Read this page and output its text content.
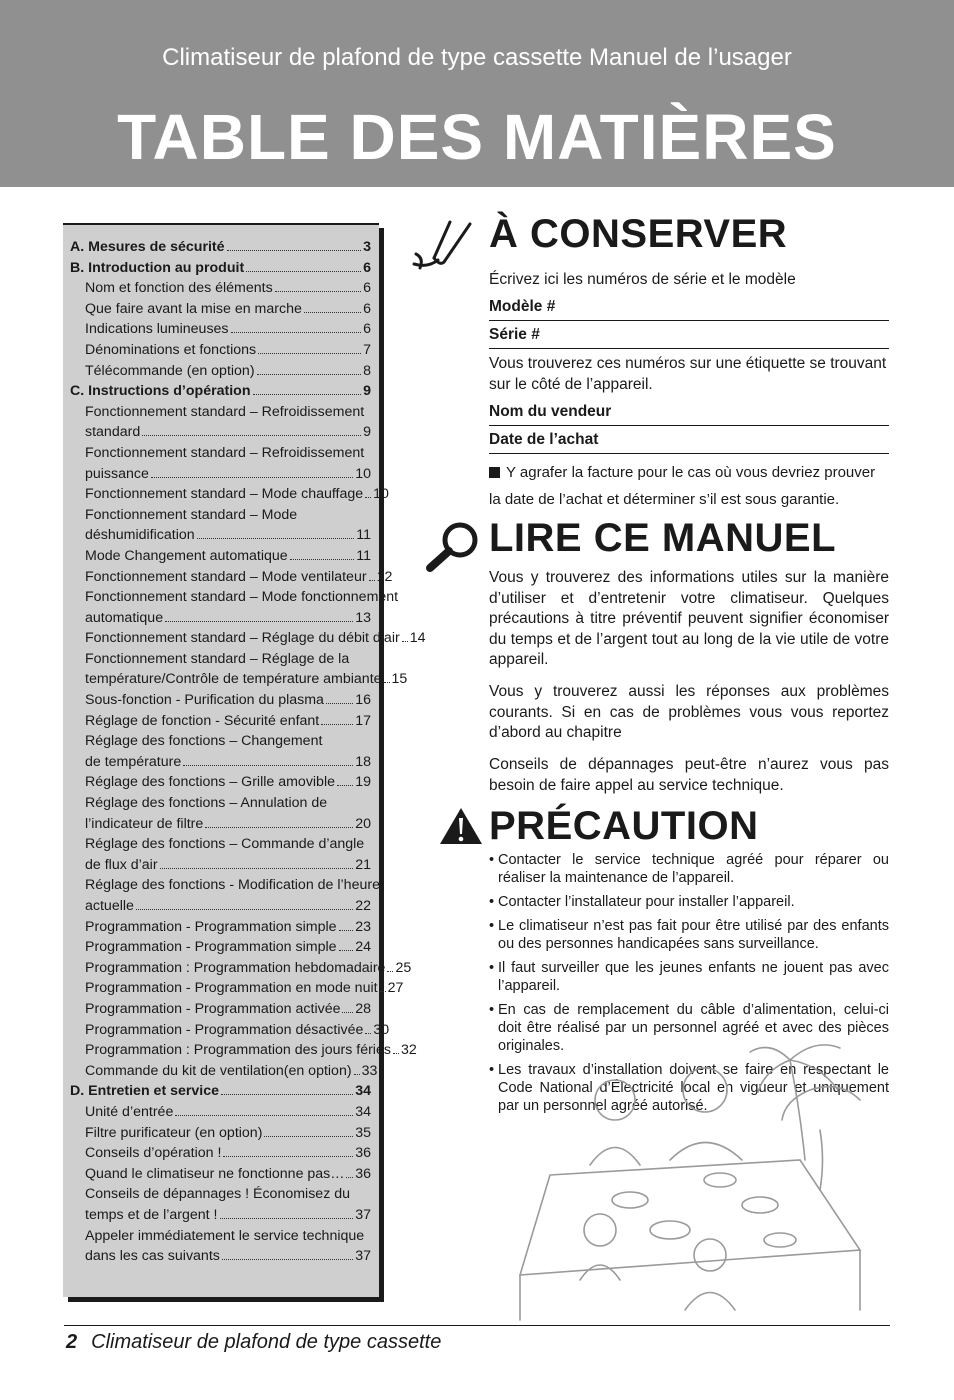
Climatiseur de plafond de type cassette Manuel de l’usager
TABLE DES MATIÈRES
A. Mesures de sécurité	3
B. Introduction au produit	6
Nom et fonction des éléments	6
Que faire avant la mise en marche	6
Indications lumineuses	6
Dénominations et fonctions	7
Télécommande (en option)	8
C. Instructions d’opération	9
Fonctionnement standard – Refroidissement
standard	9
Fonctionnement standard – Refroidissement
puissance	10
Fonctionnement standard – Mode chauffage 10
Fonctionnement standard – Mode
déshumidification	11
Mode Changement automatique	11
Fonctionnement standard – Mode ventilateur 12
Fonctionnement standard – Mode fonctionnement
automatique	13
Fonctionnement standard – Réglage du débit d’air 14
Fonctionnement standard – Réglage de la
température/Contrôle de température ambiante 15
Sous-fonction - Purification du plasma 16
Réglage de fonction - Sécurité enfant	17
Réglage des fonctions – Changement
de température	18
Réglage des fonctions – Grille amovible 19
Réglage des fonctions – Annulation de
l’indicateur de filtre	20
Réglage des fonctions – Commande d’angle
de flux d’air	21
Réglage des fonctions - Modification de l’heure
actuelle	22
Programmation - Programmation simple 23
Programmation - Programmation simple 24
Programmation : Programmation hebdomadaire 25
Programmation - Programmation en mode nuit 27
Programmation - Programmation activée 28
Programmation - Programmation désactivée 30
Programmation : Programmation des jours fériés 32
Commande du kit de ventilation(en option) 33
D. Entretien et service	34
Unité d’entrée	34
Filtre purificateur (en option)	35
Conseils d’opération !	36
Quand le climatiseur ne fonctionne pas… 36
Conseils de dépannages ! Économisez du
temps et de l’argent !	37
Appeler immédiatement le service technique
dans les cas suivants	37
À CONSERVER
Écrivez ici les numéros de série et le modèle
Modèle #
Série #
Vous trouverez ces numéros sur une étiquette se trouvant sur le côté de l’appareil.
Nom du vendeur
Date de l’achat
Y agrafer la facture pour le cas où vous devriez prouver la date de l’achat et déterminer s’il est sous garantie.
LIRE CE MANUEL
Vous y trouverez des informations utiles sur la manière d’utiliser et d’entretenir votre climatiseur. Quelques précautions à titre préventif peuvent signifier économiser du temps et de l’argent tout au long de la vie utile de votre appareil.
Vous y trouverez aussi les réponses aux problèmes courants. Si en cas de problèmes vous vous reportez d’abord au chapitre
Conseils de dépannages peut-être n’aurez vous pas besoin de faire appel au service technique.
PRÉCAUTION
• Contacter le service technique agréé pour réparer ou réaliser la maintenance de l’appareil.
• Contacter l’installateur pour installer l’appareil.
• Le climatiseur n’est pas fait pour être utilisé par des enfants ou des personnes handicapées sans surveillance.
• Il faut surveiller que les jeunes enfants ne jouent pas avec l’appareil.
• En cas de remplacement du câble d’alimentation, celui-ci doit être réalisé par un personnel agréé et avec des pièces originales.
• Les travaux d’installation doivent se faire en respectant le Code National d’Électricité local en vigueur et uniquement par un personnel agréé autorisé.
2 Climatiseur de plafond de type cassette
